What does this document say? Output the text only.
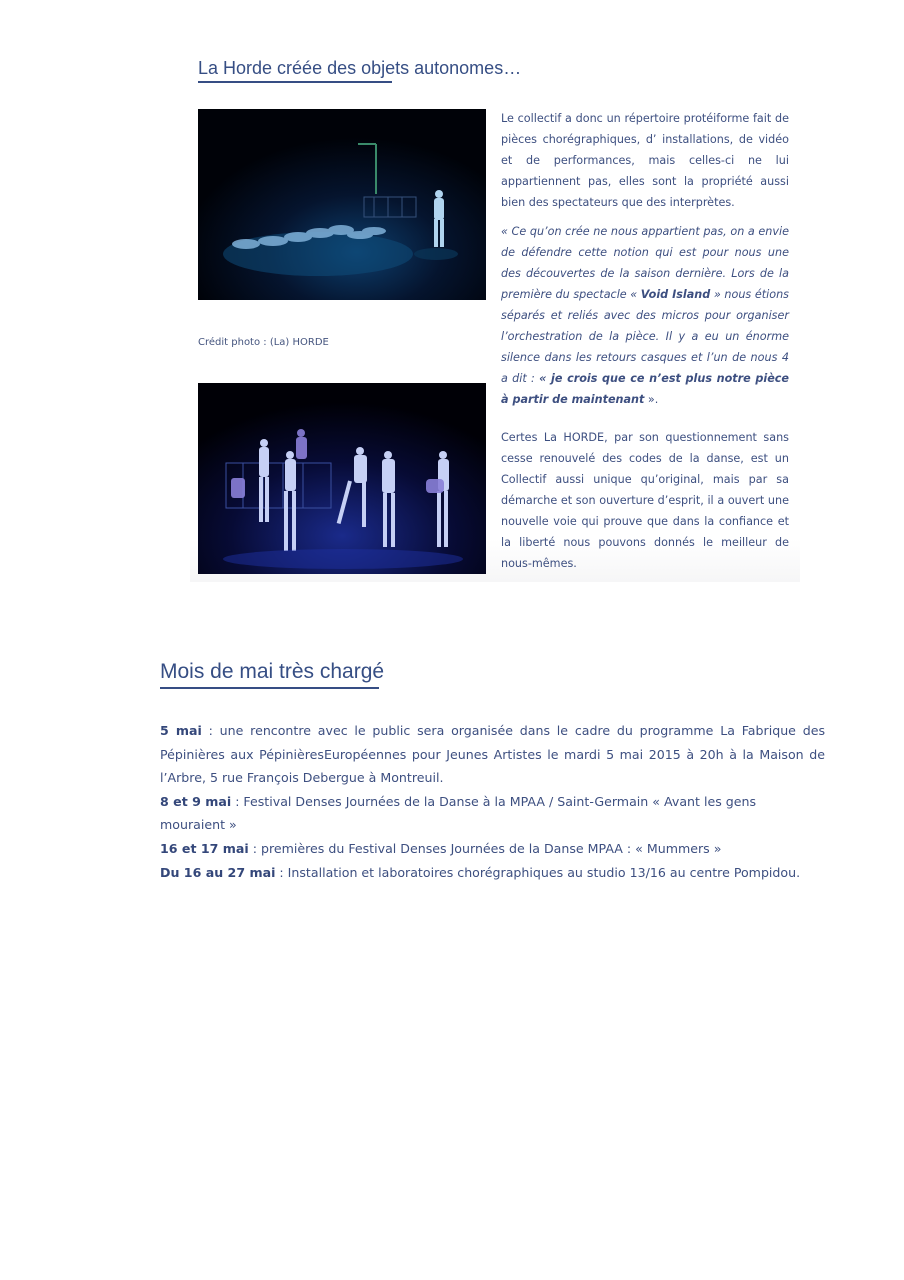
La Horde créée des objets autonomes…
Crédit photo : (La) HORDE

Le collectif a donc un répertoire protéiforme fait de pièces chorégraphiques, d’ installations, de vidéo et de performances, mais celles-ci ne lui appartiennent pas, elles sont la propriété aussi bien des spectateurs que des interprètes.

« Ce qu’on crée ne nous appartient pas, on a envie de défendre cette notion qui est pour nous une des découvertes de la saison dernière. Lors de la première du spectacle « Void Island » nous étions séparés et reliés avec des micros pour organiser l’orchestration de la pièce. Il y a eu un énorme silence dans les retours casques et l’un de nous 4 a dit : « je crois que ce n’est plus notre pièce à partir de maintenant ».

Certes La HORDE, par son questionnement sans cesse renouvelé des codes de la danse, est un Collectif aussi unique qu’original, mais par sa démarche et son ouverture d’esprit, il a ouvert une nouvelle voie qui prouve que dans la confiance et la liberté nous pouvons donnés le meilleur de nous-mêmes.

Mois de mai très chargé

5 mai : une rencontre avec le public sera organisée dans le cadre du programme La Fabrique des Pépinières aux PépinièresEuropéennes pour Jeunes Artistes le mardi 5 mai 2015 à 20h à la Maison de l’Arbre, 5 rue François Debergue à Montreuil.

8 et 9 mai : Festival Denses Journées de la Danse à la MPAA / Saint-Germain « Avant les gens mouraient »

16 et 17 mai : premières du Festival Denses Journées de la Danse MPAA : « Mummers »

Du 16 au 27 mai : Installation et laboratoires chorégraphiques au studio 13/16 au centre Pompidou.
